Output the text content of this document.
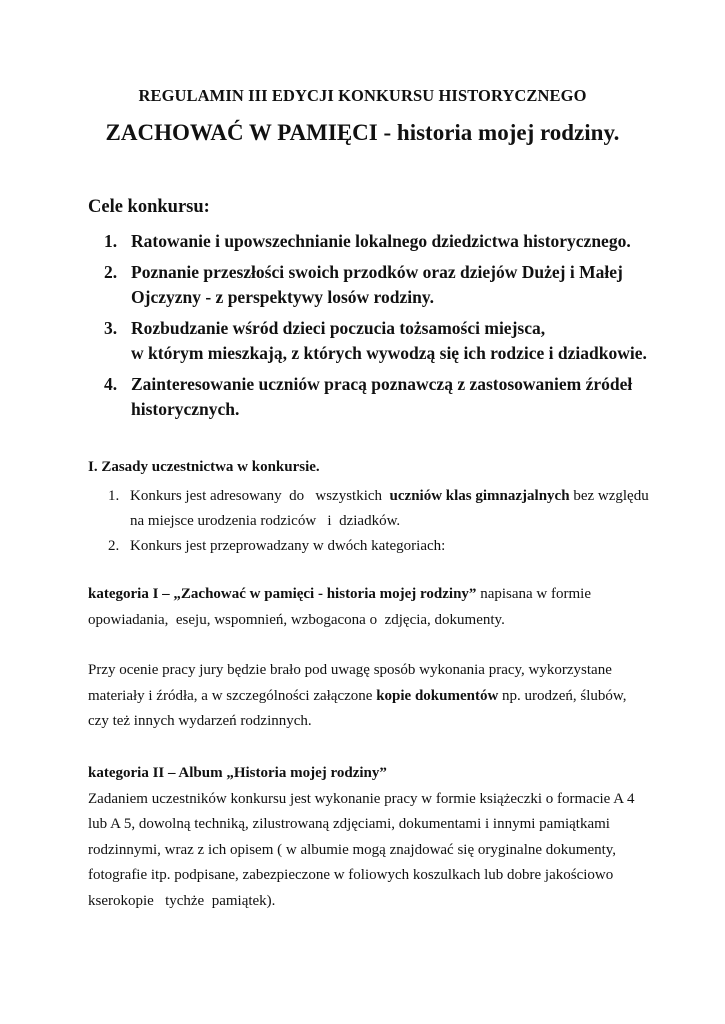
REGULAMIN III EDYCJI KONKURSU HISTORYCZNEGO
ZACHOWAĆ W PAMIĘCI - historia mojej rodziny.
Cele konkursu:
1. Ratowanie i upowszechnianie lokalnego dziedzictwa historycznego.
2. Poznanie przeszłości swoich przodków oraz dziejów Dużej i Małej
Ojczyzny - z perspektywy losów rodziny.
3. Rozbudzanie wśród dzieci poczucia tożsamości miejsca,
w którym mieszkają, z których wywodzą się ich rodzice i dziadkowie.
4. Zainteresowanie uczniów pracą poznawczą z zastosowaniem źródeł
historycznych.
I. Zasady uczestnictwa w konkursie.
1. Konkurs jest adresowany  do   wszystkich  uczniów klas gimnazjalnych bez względu
na miejsce urodzenia rodziców   i  dziadków.
2. Konkurs jest przeprowadzany w dwóch kategoriach:
kategoria I – „Zachować w pamięci - historia mojej rodziny” napisana w formie
opowiadania,  eseju, wspomnień, wzbogacona o  zdjęcia, dokumenty.
Przy ocenie pracy jury będzie brało pod uwagę sposób wykonania pracy, wykorzystane
materiały i źródła, a w szczególności załączone kopie dokumentów np. urodzeń, ślubów,
czy też innych wydarzeń rodzinnych.
kategoria II – Album „Historia mojej rodziny”
Zadaniem uczestników konkursu jest wykonanie pracy w formie książeczki o formacie A 4
lub A 5, dowolną techniką, zilustrowaną zdjęciami, dokumentami i innymi pamiątkami
rodzinnymi, wraz z ich opisem ( w albumie mogą znajdować się oryginalne dokumenty,
fotografie itp. podpisane, zabezpieczone w foliowych koszulkach lub dobre jakościowo
kserokopie   tychże  pamiątek).
